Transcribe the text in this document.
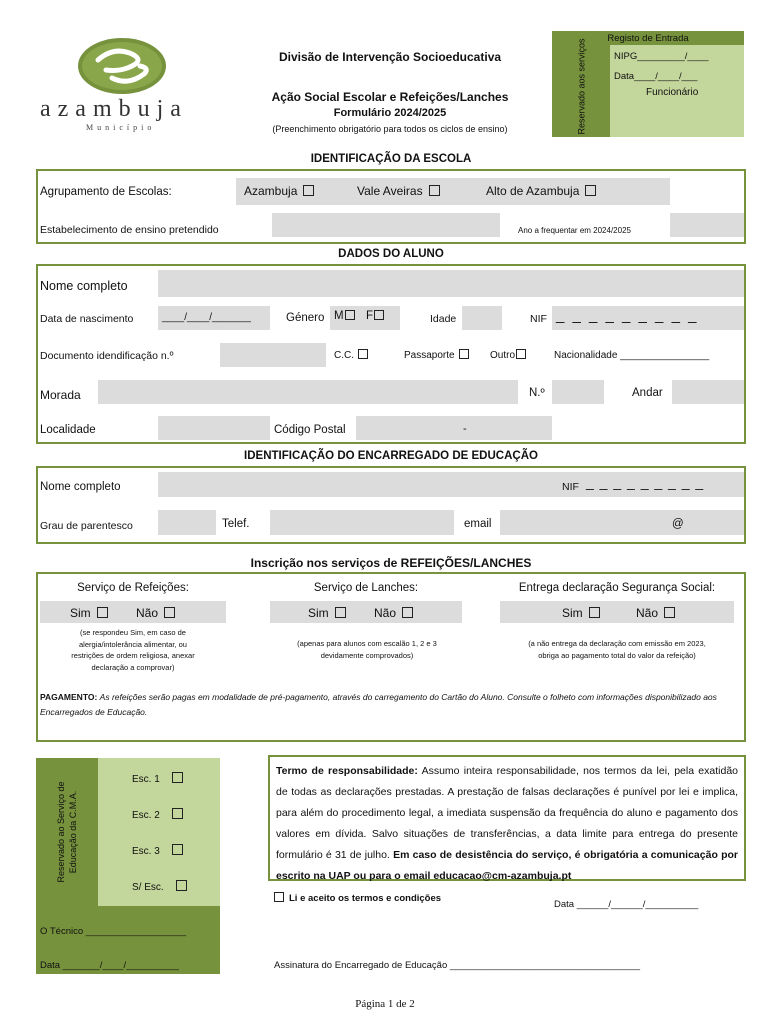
azambuja
Município
Divisão de Intervenção Socioeducativa
Ação Social Escolar e Refeições/Lanches
Formulário 2024/2025
(Preenchimento obrigatório para todos os ciclos de ensino)
Registo de Entrada
Reservado aos serviços	NIPG_________/____
Data____/____/___
Funcionário
IDENTIFICAÇÃO DA ESCOLA
Agrupamento de Escolas:	Azambuja	Vale Aveiras	Alto de Azambuja
Estabelecimento de ensino pretendido	Ano a frequentar em 2024/2025
DADOS DO ALUNO
Nome completo
Data de nascimento	____/____/_______	Género M	F	Idade	NIF _ _ _ _ _ _ _ _ _
Documento idendificação n.º	C.C.	Passaporte	Outro	Nacionalidade ________________
Morada	N.º	Andar
Localidade	Código Postal	-
IDENTIFICAÇÃO DO ENCARREGADO DE EDUCAÇÃO
Nome completo	NIF _ _ _ _ _ _ _ _ _
Grau de parentesco	Telef.	email	@
Inscrição nos serviços de REFEIÇÕES/LANCHES
Serviço de Refeições:
Sim	Não
(se respondeu Sim, em caso de
alergia/intolerância alimentar, ou
restrições de ordem religiosa, anexar
declaração a comprovar)
Serviço de Lanches:
Sim	Não
(apenas para alunos com escalão 1, 2 e 3
devidamente comprovados)
Entrega declaração Segurança Social:
Sim	Não
(a não entrega da declaração com emissão em 2023,
obriga ao pagamento total do valor da refeição)
PAGAMENTO: As refeições serão pagas em modalidade de pré-pagamento, através do carregamento do Cartão do Aluno. Consulte o folheto com informações disponibilizado aos Encarregados de Educação.
Reservado ao Serviço de Educação da C.M.A.
Esc. 1
Esc. 2
Esc. 3
S/ Esc.
O Técnico ___________________
Data _______/____/__________
Termo de responsabilidade: Assumo inteira responsabilidade, nos termos da lei, pela exatidão de todas as declarações prestadas. A prestação de falsas declarações é punível por lei e implica, para além do procedimento legal, a imediata suspensão da frequência do aluno e pagamento dos valores em dívida. Salvo situações de transferências, a data limite para entrega do presente formulário é 31 de julho. Em caso de desistência do serviço, é obrigatória a comunicação por escrito na UAP ou para o email educacao@cm-azambuja.pt
Li e aceito os termos e condições
Data ______/______/__________
Assinatura do Encarregado de Educação ____________________________________
Página 1 de 2
